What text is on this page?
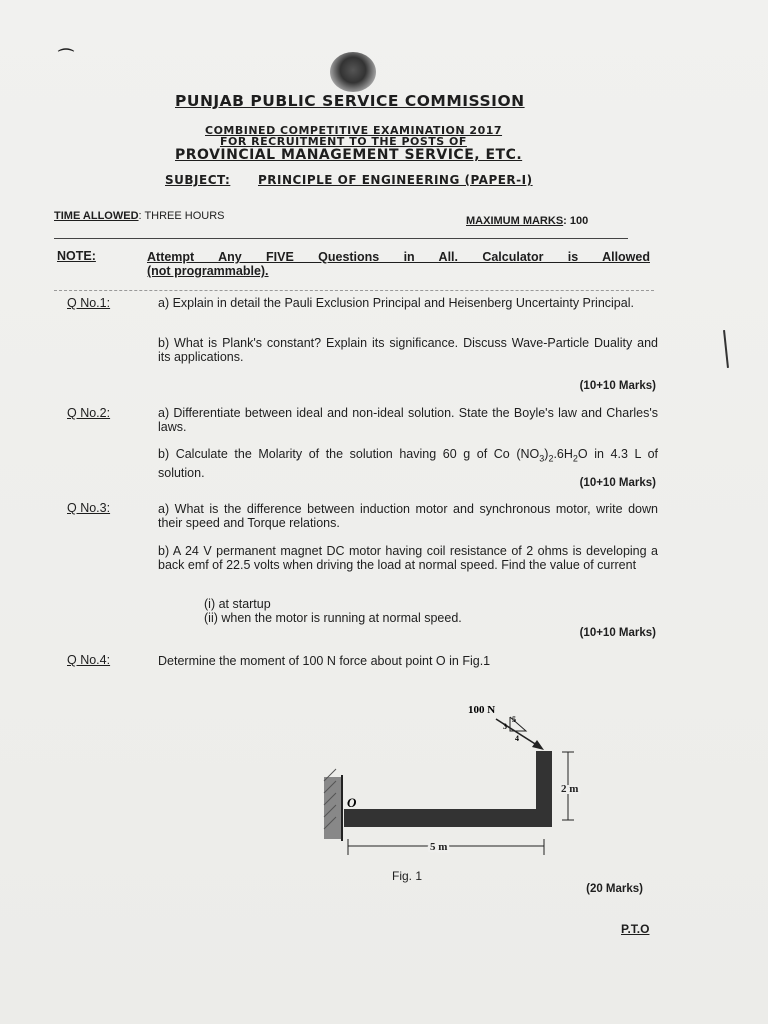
⌒
PUNJAB PUBLIC SERVICE COMMISSION
COMBINED COMPETITIVE EXAMINATION 2017
FOR RECRUITMENT TO THE POSTS OF
PROVINCIAL MANAGEMENT SERVICE, ETC.
SUBJECT: PRINCIPLE OF ENGINEERING (PAPER-I)
TIME ALLOWED: THREE HOURS	MAXIMUM MARKS: 100
NOTE:	Attempt Any FIVE Questions in All. Calculator is Allowed
(not programmable).
Q No.1:	a) Explain in detail the Pauli Exclusion Principal and Heisenberg Uncertainty Principal.
b) What is Plank's constant? Explain its significance. Discuss Wave-Particle Duality and its applications.
(10+10 Marks)
Q No.2:	a) Differentiate between ideal and non-ideal solution. State the Boyle's law and Charles's laws.
b) Calculate the Molarity of the solution having 60 g of Co $(NO_3)_2.6H_2O$ in 4.3 L of solution.
(10+10 Marks)
Q No.3:	a) What is the difference between induction motor and synchronous motor, write down their speed and Torque relations.
b) A 24 V permanent magnet DC motor having coil resistance of 2 ohms is developing a back emf of 22.5 volts when driving the load at normal speed. Find the value of current
(i) at startup
(ii) when the motor is running at normal speed.
(10+10 Marks)
Q No.4:	Determine the moment of 100 N force about point O in Fig.1
100 N
3
4
5
O
2 m
5 m
Fig. 1
(20 Marks)
P.T.O
